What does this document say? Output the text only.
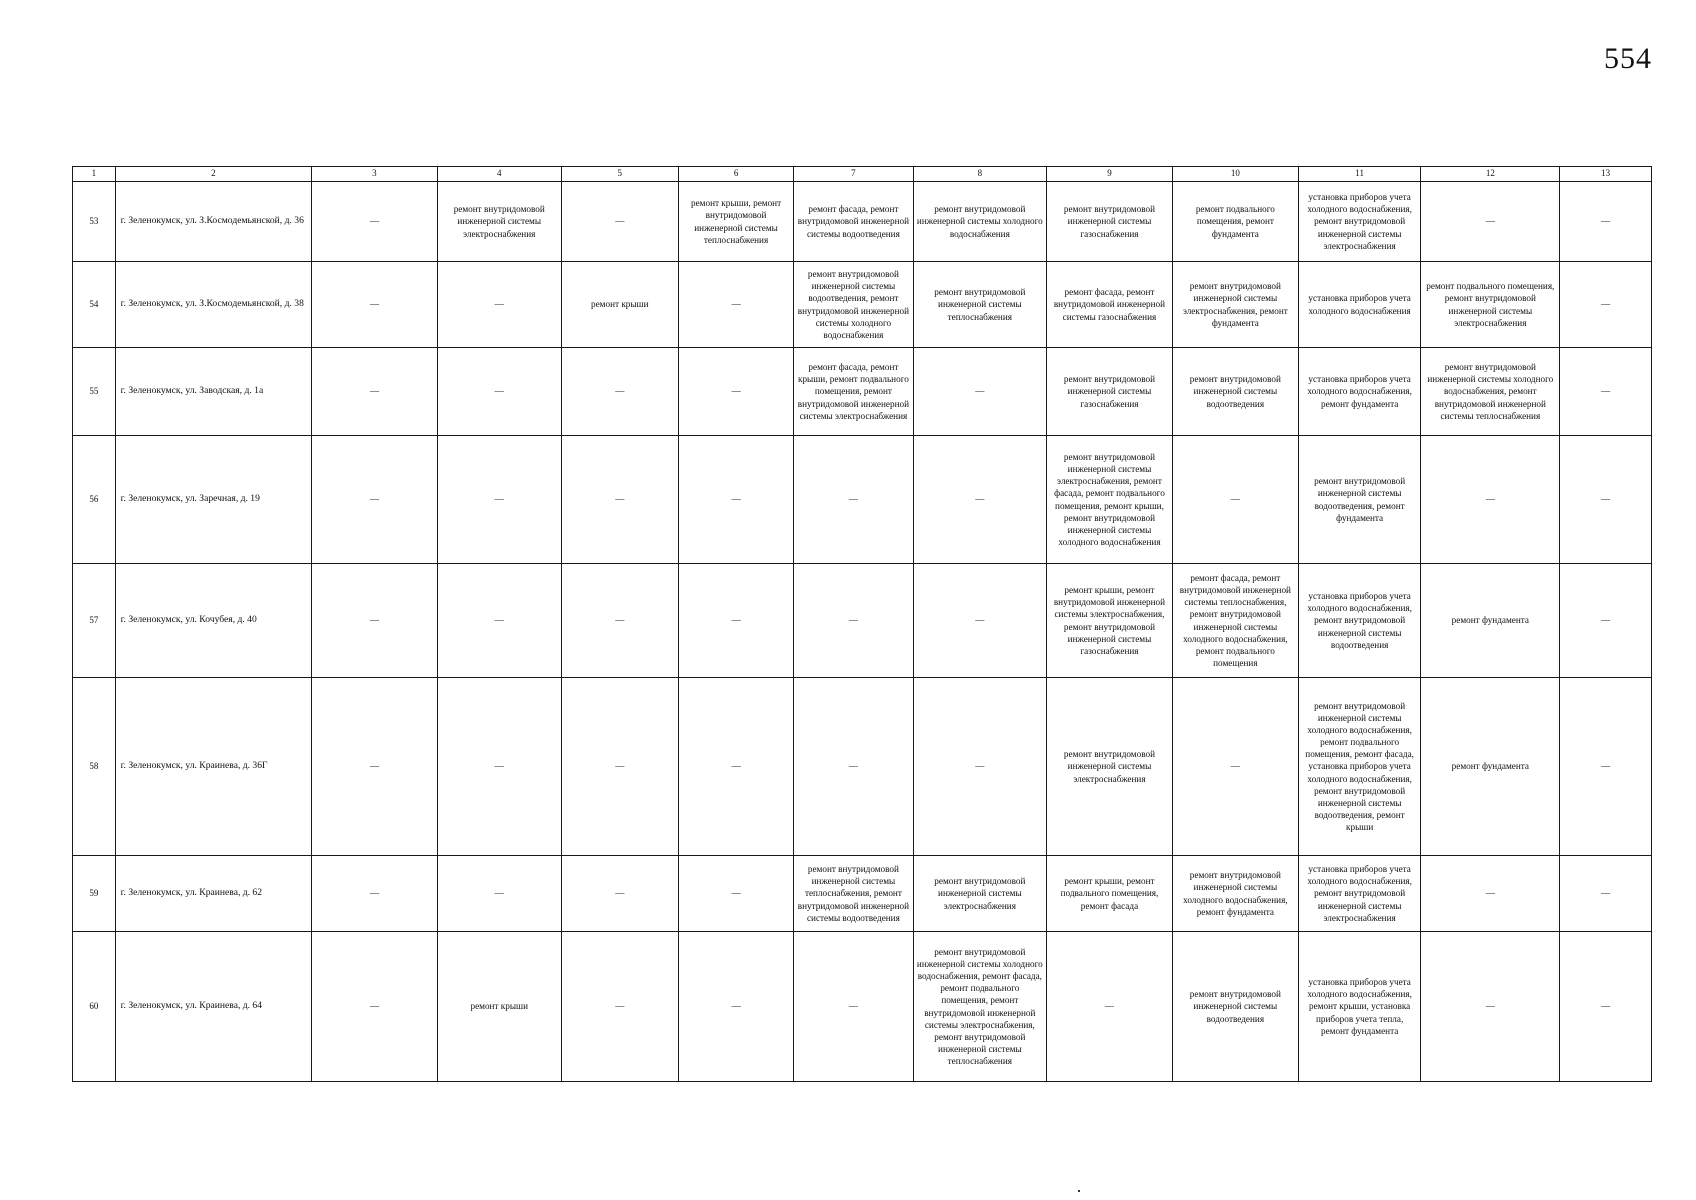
554
1	2	3	4	5	6	7	8	9	10	11	12	13
53	г. Зеленокумск, ул. З.Космодемьянской, д. 36	—	ремонт внутридомовой инженерной системы электроснабжения	—	ремонт крыши, ремонт внутридомовой инженерной системы теплоснабжения	ремонт фасада, ремонт внутридомовой инженерной системы водоотведения	ремонт внутридомовой инженерной системы холодного водоснабжения	ремонт внутридомовой инженерной системы газоснабжения	ремонт подвального помещения, ремонт фундамента	установка приборов учета холодного водоснабжения, ремонт внутридомовой инженерной системы электроснабжения	—	—
54	г. Зеленокумск, ул. З.Космодемьянской, д. 38	—	—	ремонт крыши	—	ремонт внутридомовой инженерной системы водоотведения, ремонт внутридомовой инженерной системы холодного водоснабжения	ремонт внутридомовой инженерной системы теплоснабжения	ремонт фасада, ремонт внутридомовой инженерной системы газоснабжения	ремонт внутридомовой инженерной системы электроснабжения, ремонт фундамента	установка приборов учета холодного водоснабжения	ремонт подвального помещения, ремонт внутридомовой инженерной системы электроснабжения	—
55	г. Зеленокумск, ул. Заводская, д. 1а	—	—	—	—	ремонт фасада, ремонт крыши, ремонт подвального помещения, ремонт внутридомовой инженерной системы электроснабжения	—	ремонт внутридомовой инженерной системы газоснабжения	ремонт внутридомовой инженерной системы водоотведения	установка приборов учета холодного водоснабжения, ремонт фундамента	ремонт внутридомовой инженерной системы холодного водоснабжения, ремонт внутридомовой инженерной системы теплоснабжения	—
56	г. Зеленокумск, ул. Заречная, д. 19	—	—	—	—	—	—	ремонт внутридомовой инженерной системы электроснабжения, ремонт фасада, ремонт подвального помещения, ремонт крыши, ремонт внутридомовой инженерной системы холодного водоснабжения	—	ремонт внутридомовой инженерной системы водоотведения, ремонт фундамента	—	—
57	г. Зеленокумск, ул. Кочубея, д. 40	—	—	—	—	—	—	ремонт крыши, ремонт внутридомовой инженерной системы электроснабжения, ремонт внутридомовой инженерной системы газоснабжения	ремонт фасада, ремонт внутридомовой инженерной системы теплоснабжения, ремонт внутридомовой инженерной системы холодного водоснабжения, ремонт подвального помещения	установка приборов учета холодного водоснабжения, ремонт внутридомовой инженерной системы водоотведения	ремонт фундамента	—
58	г. Зеленокумск, ул. Краинева, д. 36Г	—	—	—	—	—	—	ремонт внутридомовой инженерной системы электроснабжения	—	ремонт внутридомовой инженерной системы холодного водоснабжения, ремонт подвального помещения, ремонт фасада, установка приборов учета холодного водоснабжения, ремонт внутридомовой инженерной системы водоотведения, ремонт крыши	ремонт фундамента	—
59	г. Зеленокумск, ул. Краинева, д. 62	—	—	—	—	ремонт внутридомовой инженерной системы теплоснабжения, ремонт внутридомовой инженерной системы водоотведения	ремонт внутридомовой инженерной системы электроснабжения	ремонт крыши, ремонт подвального помещения, ремонт фасада	ремонт внутридомовой инженерной системы холодного водоснабжения, ремонт фундамента	установка приборов учета холодного водоснабжения, ремонт внутридомовой инженерной системы электроснабжения	—	—
60	г. Зеленокумск, ул. Краинева, д. 64	—	ремонт крыши	—	—	—	ремонт внутридомовой инженерной системы холодного водоснабжения, ремонт фасада, ремонт подвального помещения, ремонт внутридомовой инженерной системы электроснабжения, ремонт внутридомовой инженерной системы теплоснабжения	—	ремонт внутридомовой инженерной системы водоотведения	установка приборов учета холодного водоснабжения, ремонт крыши, установка приборов учета тепла, ремонт фундамента	—	—
